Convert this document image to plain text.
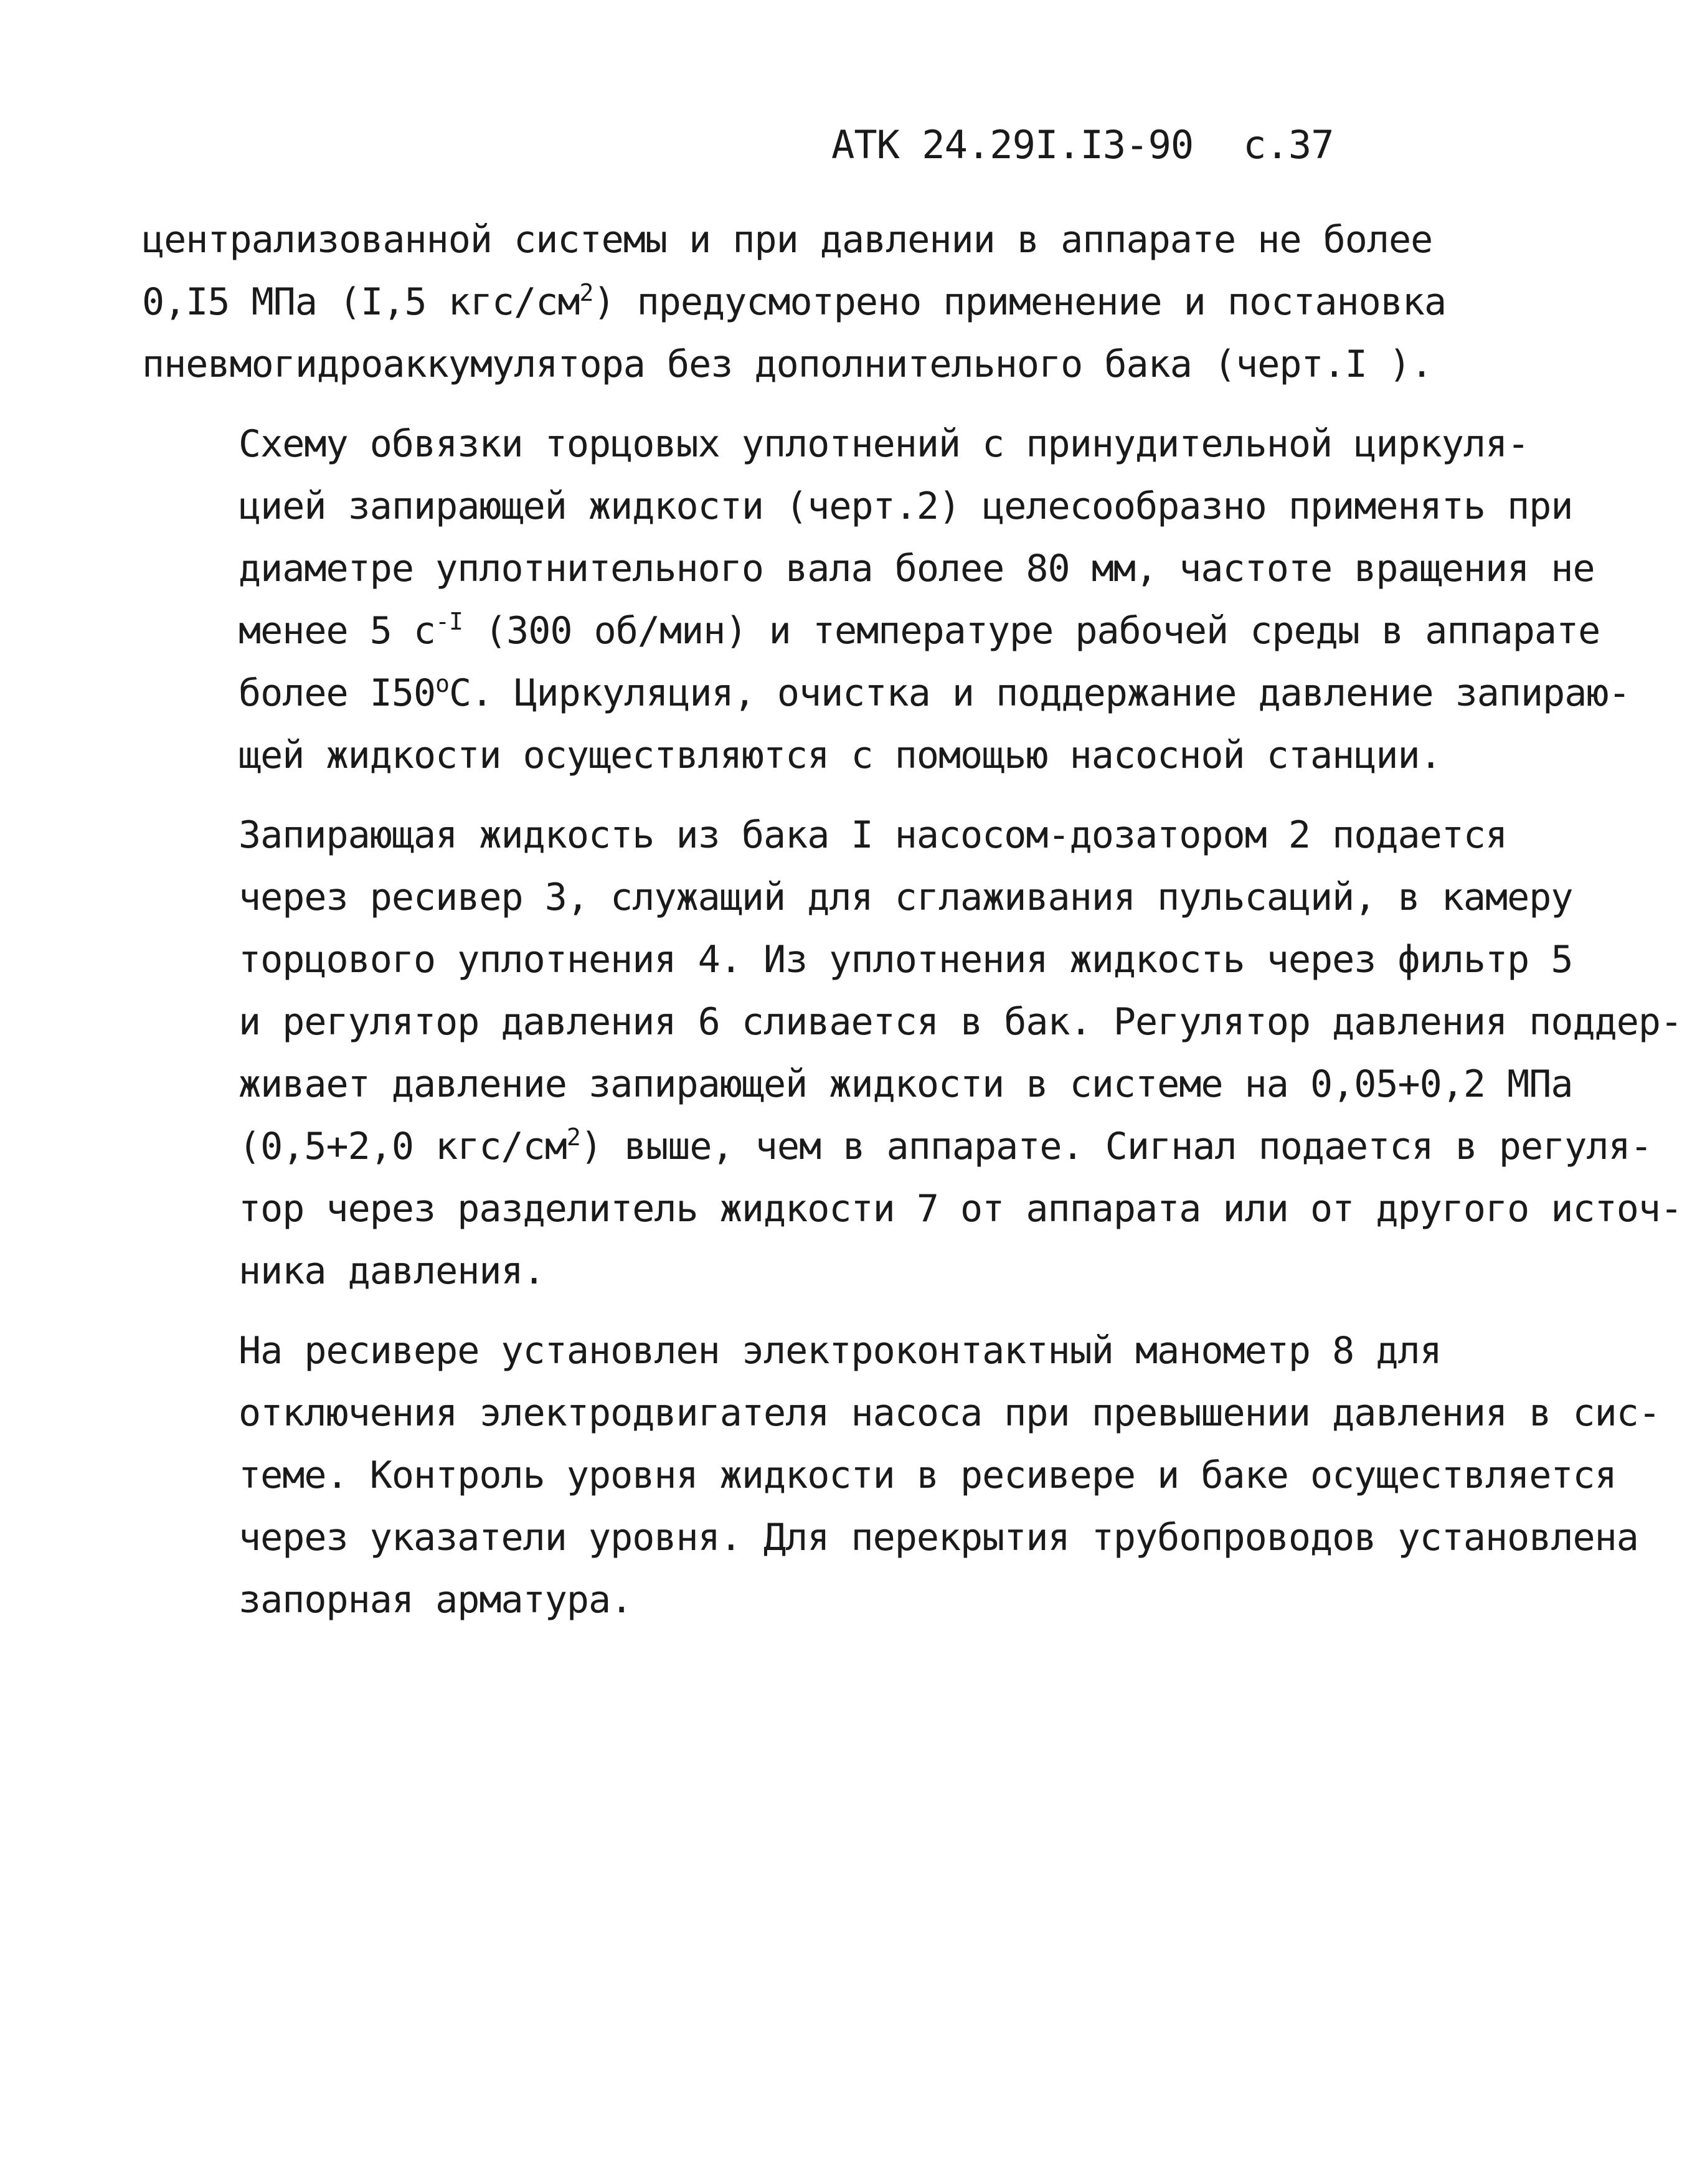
АТК 24.29I.I3-90 с.37

централизованной системы и при давлении в аппарате не более
0,I5 МПа (I,5 кгс/$см^2$) предусмотрено применение и постановка
пневмогидроаккумулятора без дополнительного бака (черт.I ).

Схему обвязки торцовых уплотнений с принудительной циркуля-
цией запирающей жидкости (черт.2) целесообразно применять при
диаметре уплотнительного вала более 80 мм, частоте вращения не
менее 5 $с^{-I}$ (300 об/мин) и температуре рабочей среды в аппарате
более $I50^оС$. Циркуляция, очистка и поддержание давление запираю-
щей жидкости осуществляются с помощью насосной станции.

Запирающая жидкость из бака I насосом-дозатором 2 подается
через ресивер 3, служащий для сглаживания пульсаций, в камеру
торцового уплотнения 4. Из уплотнения жидкость через фильтр 5
и регулятор давления 6 сливается в бак. Регулятор давления поддер-
живает давление запирающей жидкости в системе на 0,05+0,2 МПа
(0,5+2,0 кгс/$см^2$) выше, чем в аппарате. Сигнал подается в регуля-
тор через разделитель жидкости 7 от аппарата или от другого источ-
ника давления.

На ресивере установлен электроконтактный манометр 8 для
отключения электродвигателя насоса при превышении давления в сис-
теме. Контроль уровня жидкости в ресивере и баке осуществляется
через указатели уровня. Для перекрытия трубопроводов установлена
запорная арматура.
